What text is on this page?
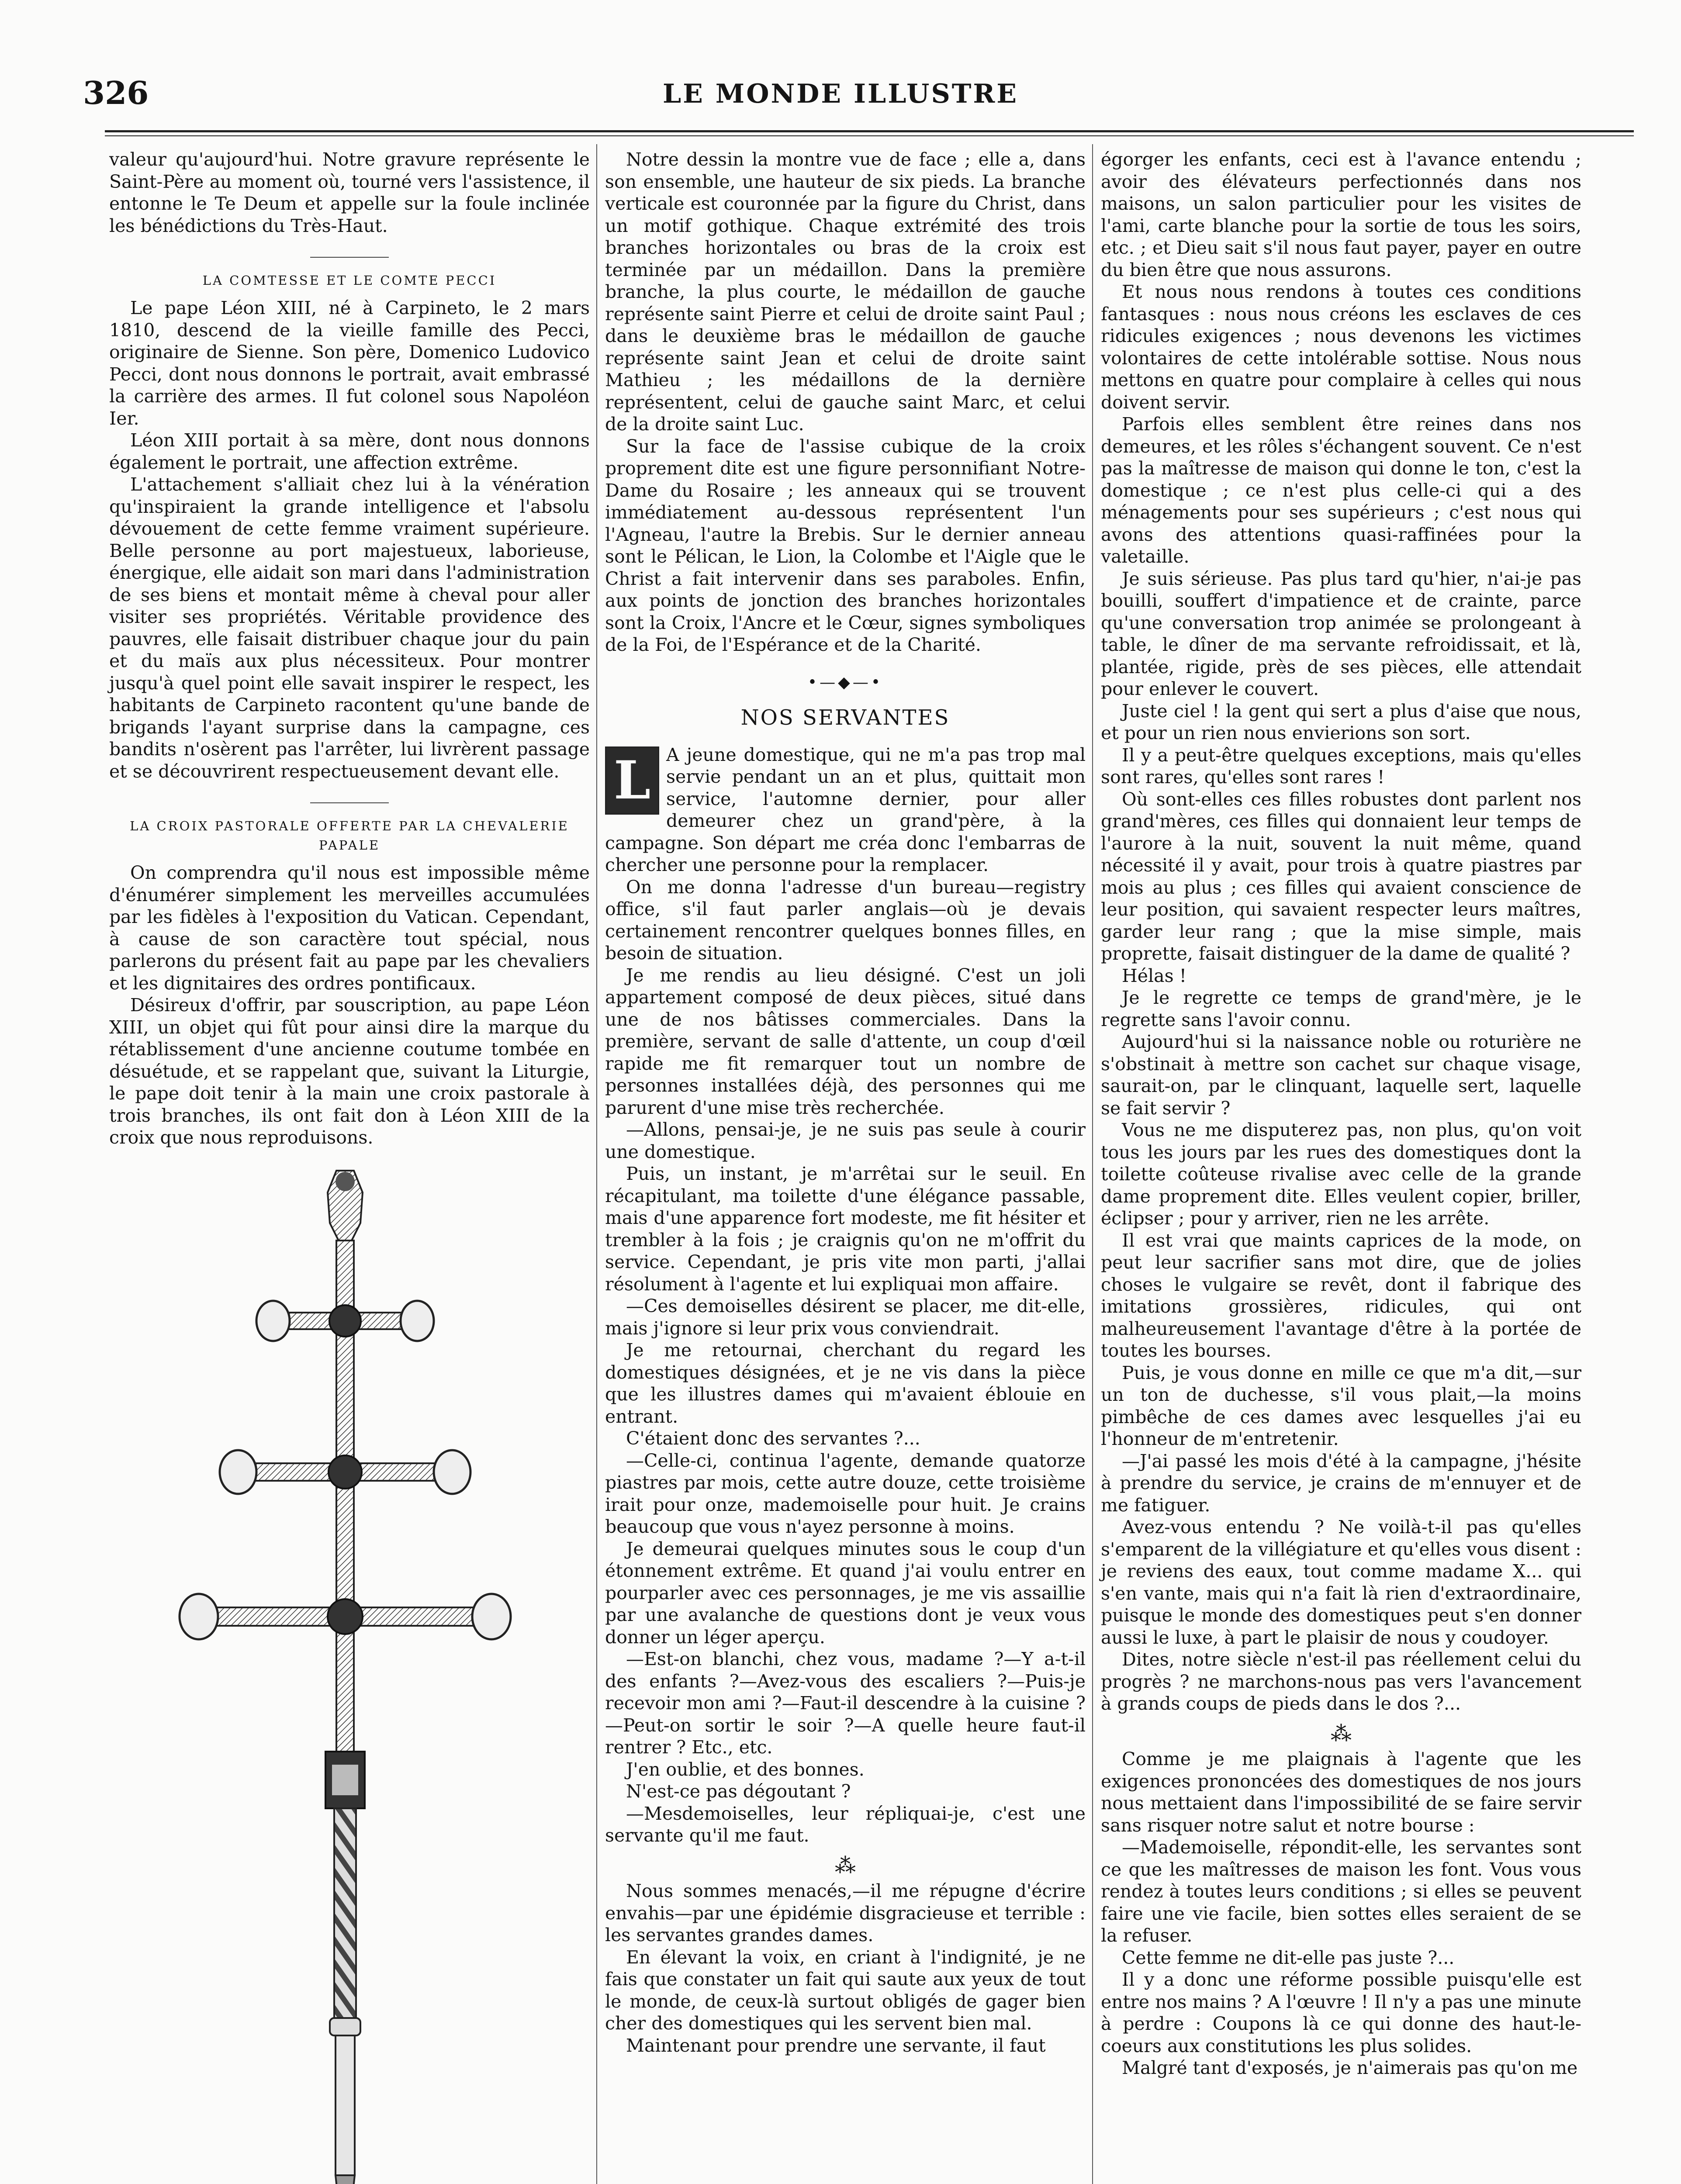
326	LE MONDE ILLUSTRE

valeur qu'aujourd'hui. Notre gravure représente le Saint-Père au moment où, tourné vers l'assistence, il entonne le Te Deum et appelle sur la foule inclinée les bénédictions du Très-Haut.

LA COMTESSE ET LE COMTE PECCI

Le pape Léon XIII, né à Carpineto, le 2 mars 1810, descend de la vieille famille des Pecci, originaire de Sienne. Son père, Domenico Ludovico Pecci, dont nous donnons le portrait, avait embrassé la carrière des armes. Il fut colonel sous Napoléon Ier.

Léon XIII portait à sa mère, dont nous donnons également le portrait, une affection extrême.

L'attachement s'alliait chez lui à la vénération qu'inspiraient la grande intelligence et l'absolu dévouement de cette femme vraiment supérieure. Belle personne au port majestueux, laborieuse, énergique, elle aidait son mari dans l'administration de ses biens et montait même à cheval pour aller visiter ses propriétés. Véritable providence des pauvres, elle faisait distribuer chaque jour du pain et du maïs aux plus nécessiteux. Pour montrer jusqu'à quel point elle savait inspirer le respect, les habitants de Carpineto racontent qu'une bande de brigands l'ayant surprise dans la campagne, ces bandits n'osèrent pas l'arrêter, lui livrèrent passage et se découvrirent respectueusement devant elle.

LA CROIX PASTORALE OFFERTE PAR LA CHEVALERIE PAPALE

On comprendra qu'il nous est impossible même d'énumérer simplement les merveilles accumulées par les fidèles à l'exposition du Vatican. Cependant, à cause de son caractère tout spécial, nous parlerons du présent fait au pape par les chevaliers et les dignitaires des ordres pontificaux.

Désireux d'offrir, par souscription, au pape Léon XIII, un objet qui fût pour ainsi dire la marque du rétablissement d'une ancienne coutume tombée en désuétude, et se rappelant que, suivant la Liturgie, le pape doit tenir à la main une croix pastorale à trois branches, ils ont fait don à Léon XIII de la croix que nous reproduisons.

Notre dessin la montre vue de face ; elle a, dans son ensemble, une hauteur de six pieds. La branche verticale est couronnée par la figure du Christ, dans un motif gothique. Chaque extrémité des trois branches horizontales ou bras de la croix est terminée par un médaillon. Dans la première branche, la plus courte, le médaillon de gauche représente saint Pierre et celui de droite saint Paul ; dans le deuxième bras le médaillon de gauche représente saint Jean et celui de droite saint Mathieu ; les médaillons de la dernière représentent, celui de gauche saint Marc, et celui de la droite saint Luc.

Sur la face de l'assise cubique de la croix proprement dite est une figure personnifiant Notre-Dame du Rosaire ; les anneaux qui se trouvent immédiatement au-dessous représentent l'un l'Agneau, l'autre la Brebis. Sur le dernier anneau sont le Pélican, le Lion, la Colombe et l'Aigle que le Christ a fait intervenir dans ses paraboles. Enfin, aux points de jonction des branches horizontales sont la Croix, l'Ancre et le Cœur, signes symboliques de la Foi, de l'Espérance et de la Charité.

•—◆—•
NOS SERVANTES

L A jeune domestique, qui ne m'a pas trop mal servie pendant un an et plus, quittait mon service, l'automne dernier, pour aller demeurer chez un grand'père, à la campagne. Son départ me créa donc l'embarras de chercher une personne pour la remplacer.

On me donna l'adresse d'un bureau—registry office, s'il faut parler anglais—où je devais certainement rencontrer quelques bonnes filles, en besoin de situation.

Je me rendis au lieu désigné. C'est un joli appartement composé de deux pièces, situé dans une de nos bâtisses commerciales. Dans la première, servant de salle d'attente, un coup d'œil rapide me fit remarquer tout un nombre de personnes installées déjà, des personnes qui me parurent d'une mise très recherchée.

—Allons, pensai-je, je ne suis pas seule à courir une domestique.

Puis, un instant, je m'arrêtai sur le seuil. En récapitulant, ma toilette d'une élégance passable, mais d'une apparence fort modeste, me fit hésiter et trembler à la fois ; je craignis qu'on ne m'offrit du service. Cependant, je pris vite mon parti, j'allai résolument à l'agente et lui expliquai mon affaire.

—Ces demoiselles désirent se placer, me dit-elle, mais j'ignore si leur prix vous conviendrait.

Je me retournai, cherchant du regard les domestiques désignées, et je ne vis dans la pièce que les illustres dames qui m'avaient éblouie en entrant.

C'étaient donc des servantes ?...

—Celle-ci, continua l'agente, demande quatorze piastres par mois, cette autre douze, cette troisième irait pour onze, mademoiselle pour huit. Je crains beaucoup que vous n'ayez personne à moins.

Je demeurai quelques minutes sous le coup d'un étonnement extrême. Et quand j'ai voulu entrer en pourparler avec ces personnages, je me vis assaillie par une avalanche de questions dont je veux vous donner un léger aperçu.

—Est-on blanchi, chez vous, madame ?—Y a-t-il des enfants ?—Avez-vous des escaliers ?—Puis-je recevoir mon ami ?—Faut-il descendre à la cuisine ?—Peut-on sortir le soir ?—A quelle heure faut-il rentrer ? Etc., etc.

J'en oublie, et des bonnes.

N'est-ce pas dégoutant ?

—Mesdemoiselles, leur répliquai-je, c'est une servante qu'il me faut.

⁂

Nous sommes menacés,—il me répugne d'écrire envahis—par une épidémie disgracieuse et terrible : les servantes grandes dames.

En élevant la voix, en criant à l'indignité, je ne fais que constater un fait qui saute aux yeux de tout le monde, de ceux-là surtout obligés de gager bien cher des domestiques qui les servent bien mal.

Maintenant pour prendre une servante, il faut

égorger les enfants, ceci est à l'avance entendu ; avoir des élévateurs perfectionnés dans nos maisons, un salon particulier pour les visites de l'ami, carte blanche pour la sortie de tous les soirs, etc. ; et Dieu sait s'il nous faut payer, payer en outre du bien être que nous assurons.

Et nous nous rendons à toutes ces conditions fantasques : nous nous créons les esclaves de ces ridicules exigences ; nous devenons les victimes volontaires de cette intolérable sottise. Nous nous mettons en quatre pour complaire à celles qui nous doivent servir.

Parfois elles semblent être reines dans nos demeures, et les rôles s'échangent souvent. Ce n'est pas la maîtresse de maison qui donne le ton, c'est la domestique ; ce n'est plus celle-ci qui a des ménagements pour ses supérieurs ; c'est nous qui avons des attentions quasi-raffinées pour la valetaille.

Je suis sérieuse. Pas plus tard qu'hier, n'ai-je pas bouilli, souffert d'impatience et de crainte, parce qu'une conversation trop animée se prolongeant à table, le dîner de ma servante refroidissait, et là, plantée, rigide, près de ses pièces, elle attendait pour enlever le couvert.

Juste ciel ! la gent qui sert a plus d'aise que nous, et pour un rien nous envierions son sort.

Il y a peut-être quelques exceptions, mais qu'elles sont rares, qu'elles sont rares !

Où sont-elles ces filles robustes dont parlent nos grand'mères, ces filles qui donnaient leur temps de l'aurore à la nuit, souvent la nuit même, quand nécessité il y avait, pour trois à quatre piastres par mois au plus ; ces filles qui avaient conscience de leur position, qui savaient respecter leurs maîtres, garder leur rang ; que la mise simple, mais proprette, faisait distinguer de la dame de qualité ?

Hélas !

Je le regrette ce temps de grand'mère, je le regrette sans l'avoir connu.

Aujourd'hui si la naissance noble ou roturière ne s'obstinait à mettre son cachet sur chaque visage, saurait-on, par le clinquant, laquelle sert, laquelle se fait servir ?

Vous ne me disputerez pas, non plus, qu'on voit tous les jours par les rues des domestiques dont la toilette coûteuse rivalise avec celle de la grande dame proprement dite. Elles veulent copier, briller, éclipser ; pour y arriver, rien ne les arrête.

Il est vrai que maints caprices de la mode, on peut leur sacrifier sans mot dire, que de jolies choses le vulgaire se revêt, dont il fabrique des imitations grossières, ridicules, qui ont malheureusement l'avantage d'être à la portée de toutes les bourses.

Puis, je vous donne en mille ce que m'a dit,—sur un ton de duchesse, s'il vous plait,—la moins pimbêche de ces dames avec lesquelles j'ai eu l'honneur de m'entretenir.

—J'ai passé les mois d'été à la campagne, j'hésite à prendre du service, je crains de m'ennuyer et de me fatiguer.

Avez-vous entendu ? Ne voilà-t-il pas qu'elles s'emparent de la villégiature et qu'elles vous disent : je reviens des eaux, tout comme madame X... qui s'en vante, mais qui n'a fait là rien d'extraordinaire, puisque le monde des domestiques peut s'en donner aussi le luxe, à part le plaisir de nous y coudoyer.

Dites, notre siècle n'est-il pas réellement celui du progrès ? ne marchons-nous pas vers l'avancement à grands coups de pieds dans le dos ?...

⁂

Comme je me plaignais à l'agente que les exigences prononcées des domestiques de nos jours nous mettaient dans l'impossibilité de se faire servir sans risquer notre salut et notre bourse :

—Mademoiselle, répondit-elle, les servantes sont ce que les maîtresses de maison les font. Vous vous rendez à toutes leurs conditions ; si elles se peuvent faire une vie facile, bien sottes elles seraient de se la refuser.

Cette femme ne dit-elle pas juste ?...

Il y a donc une réforme possible puisqu'elle est entre nos mains ? A l'œuvre ! Il n'y a pas une minute à perdre : Coupons là ce qui donne des haut-le-coeurs aux constitutions les plus solides.

Malgré tant d'exposés, je n'aimerais pas qu'on me
